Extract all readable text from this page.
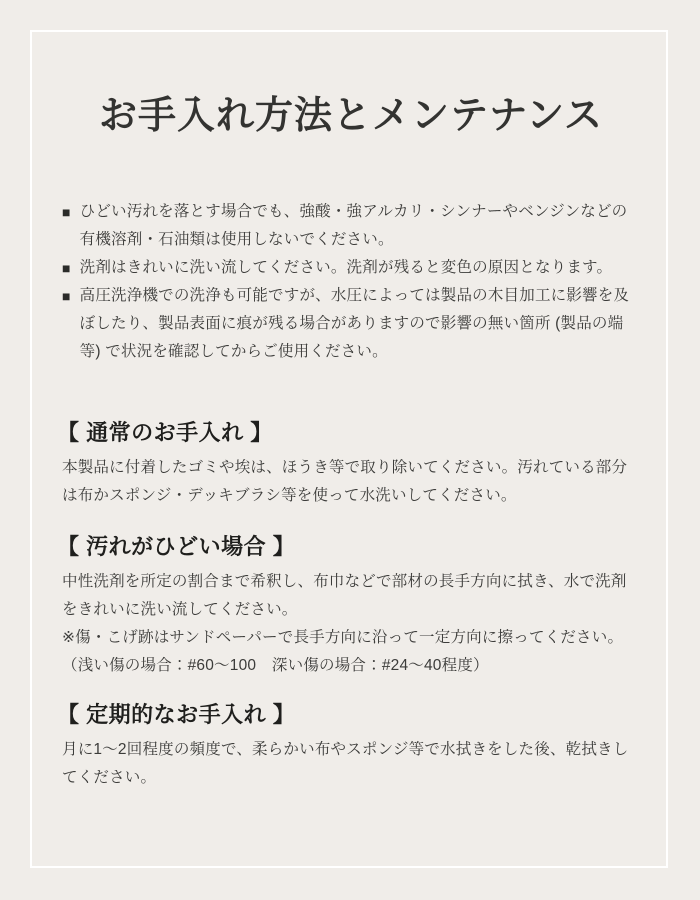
お手入れ方法とメンテナンス
■ ひどい汚れを落とす場合でも、強酸・強アルカリ・シンナーやベンジンなどの有機溶剤・石油類は使用しないでください。
■ 洗剤はきれいに洗い流してください。洗剤が残ると変色の原因となります。
■ 高圧洗浄機での洗浄も可能ですが、水圧によっては製品の木目加工に影響を及ぼしたり、製品表面に痕が残る場合がありますので影響の無い箇所 (製品の端等) で状況を確認してからご使用ください。
【 通常のお手入れ 】

本製品に付着したゴミや埃は、ほうき等で取り除いてください。汚れている部分は布かスポンジ・デッキブラシ等を使って水洗いしてください。

【 汚れがひどい場合 】

中性洗剤を所定の割合まで希釈し、布巾などで部材の長手方向に拭き、水で洗剤をきれいに洗い流してください。

※傷・こげ跡はサンドペーパーで長手方向に沿って一定方向に擦ってください。

（浅い傷の場合：#60～100　深い傷の場合：#24～40程度）

【 定期的なお手入れ 】

月に1～2回程度の頻度で、柔らかい布やスポンジ等で水拭きをした後、乾拭きしてください。
